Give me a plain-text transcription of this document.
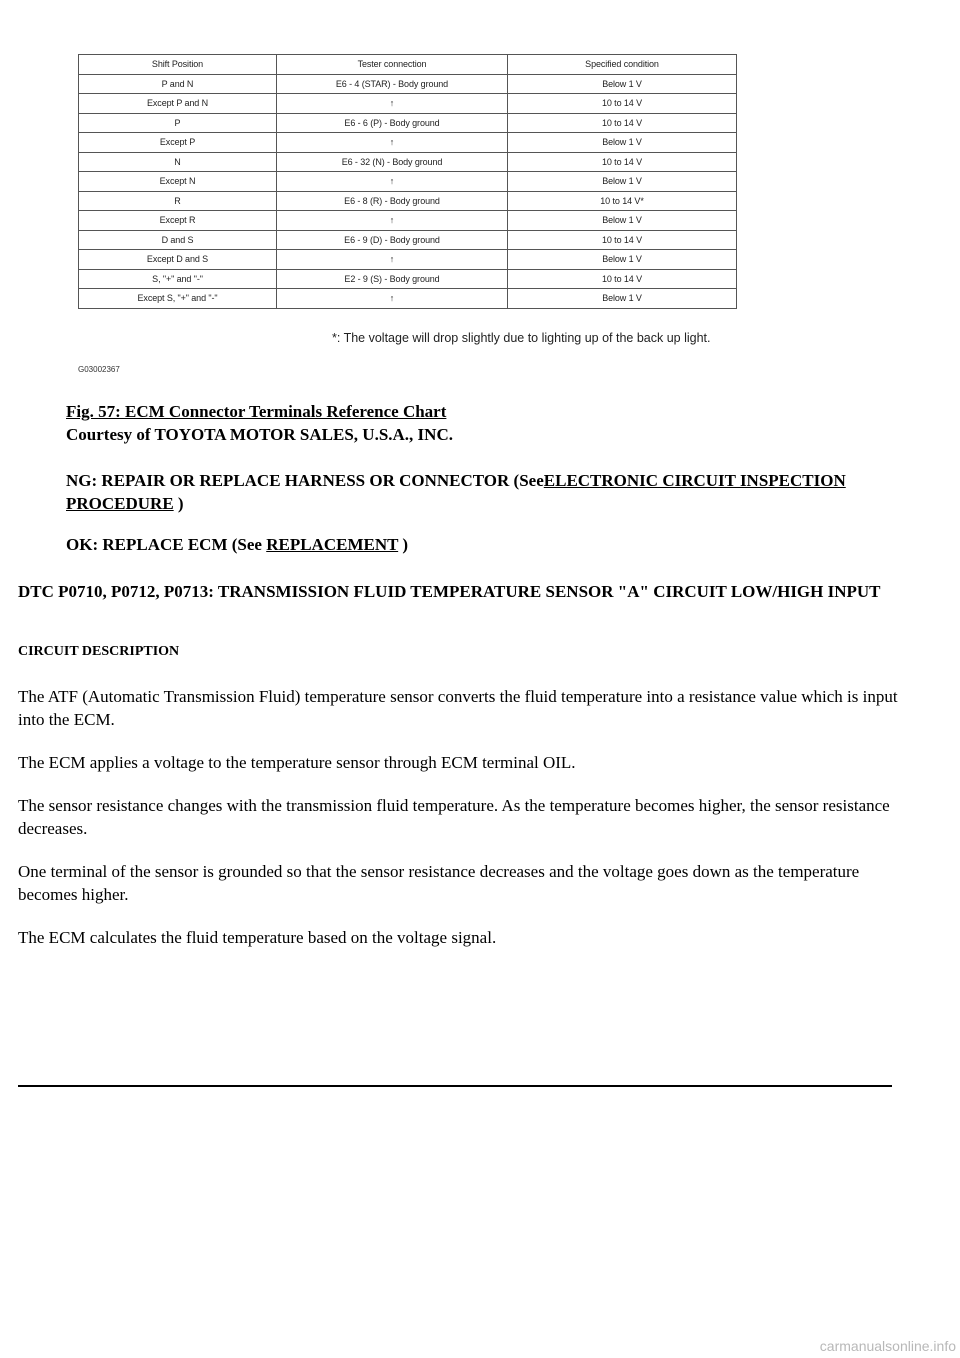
Shift Position	Tester connection	Specified condition
P and N	E6 - 4 (STAR) - Body ground	Below 1 V
Except P and N	↑	10 to 14 V
P	E6 - 6 (P) - Body ground	10 to 14 V
Except P	↑	Below 1 V
N	E6 - 32 (N) - Body ground	10 to 14 V
Except N	↑	Below 1 V
R	E6 - 8 (R) - Body ground	10 to 14 V*
Except R	↑	Below 1 V
D and S	E6 - 9 (D) - Body ground	10 to 14 V
Except D and S	↑	Below 1 V
S, "+" and "-"	E2 - 9 (S) - Body ground	10 to 14 V
Except S, "+" and "-"	↑	Below 1 V
*: The voltage will drop slightly due to lighting up of the back up light.
G03002367
Fig. 57: ECM Connector Terminals Reference Chart
Courtesy of TOYOTA MOTOR SALES, U.S.A., INC.
NG: REPAIR OR REPLACE HARNESS OR CONNECTOR (SeeELECTRONIC CIRCUIT INSPECTION PROCEDURE )
OK: REPLACE ECM (See REPLACEMENT )
DTC P0710, P0712, P0713: TRANSMISSION FLUID TEMPERATURE SENSOR "A" CIRCUIT LOW/HIGH INPUT
CIRCUIT DESCRIPTION
The ATF (Automatic Transmission Fluid) temperature sensor converts the fluid temperature into a resistance value which is input into the ECM.
The ECM applies a voltage to the temperature sensor through ECM terminal OIL.
The sensor resistance changes with the transmission fluid temperature. As the temperature becomes higher, the sensor resistance decreases.
One terminal of the sensor is grounded so that the sensor resistance decreases and the voltage goes down as the temperature becomes higher.
The ECM calculates the fluid temperature based on the voltage signal.
carmanualsonline.info
